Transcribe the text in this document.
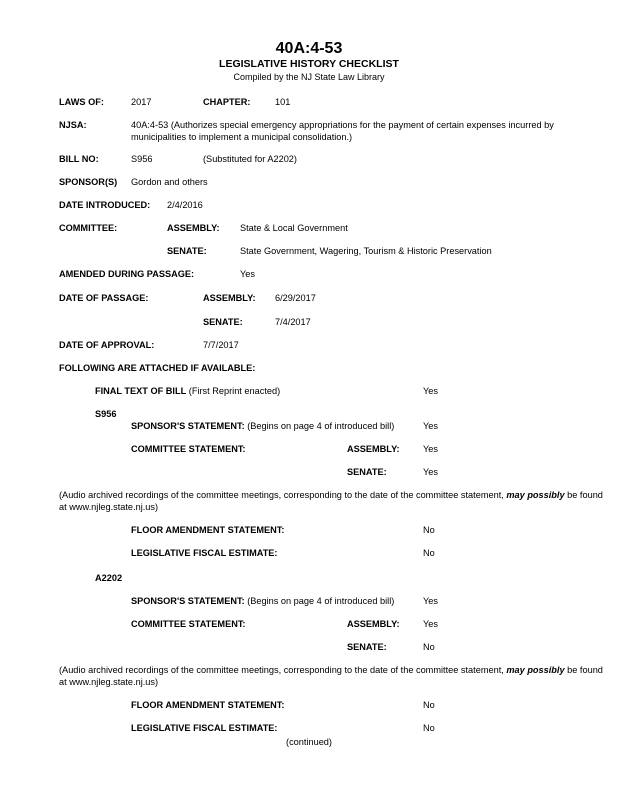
40A:4-53
LEGISLATIVE HISTORY CHECKLIST
Compiled by the NJ State Law Library
LAWS OF:	2017	CHAPTER:	101
NJSA:	40A:4-53 (Authorizes special emergency appropriations for the payment of certain expenses incurred by municipalities to implement a municipal consolidation.)
BILL NO:	S956	(Substituted for A2202)
SPONSOR(S) Gordon and others
DATE INTRODUCED: 2/4/2016
COMMITTEE:	ASSEMBLY: State & Local Government
SENATE:	State Government, Wagering, Tourism & Historic Preservation
AMENDED DURING PASSAGE:	Yes
DATE OF PASSAGE:	ASSEMBLY: 6/29/2017
SENATE:	7/4/2017
DATE OF APPROVAL:	7/7/2017
FOLLOWING ARE ATTACHED IF AVAILABLE:
FINAL TEXT OF BILL (First Reprint enacted)	Yes
S956
SPONSOR'S STATEMENT: (Begins on page 4 of introduced bill)	Yes
COMMITTEE STATEMENT:	ASSEMBLY:	Yes
SENATE:	Yes
(Audio archived recordings of the committee meetings, corresponding to the date of the committee statement, may possibly be found at www.njleg.state.nj.us)
FLOOR AMENDMENT STATEMENT:	No
LEGISLATIVE FISCAL ESTIMATE:	No
A2202
SPONSOR'S STATEMENT: (Begins on page 4 of introduced bill)	Yes
COMMITTEE STATEMENT:	ASSEMBLY:	Yes
SENATE:	No
(Audio archived recordings of the committee meetings, corresponding to the date of the committee statement, may possibly be found at www.njleg.state.nj.us)
FLOOR AMENDMENT STATEMENT:	No
LEGISLATIVE FISCAL ESTIMATE:	No
(continued)
